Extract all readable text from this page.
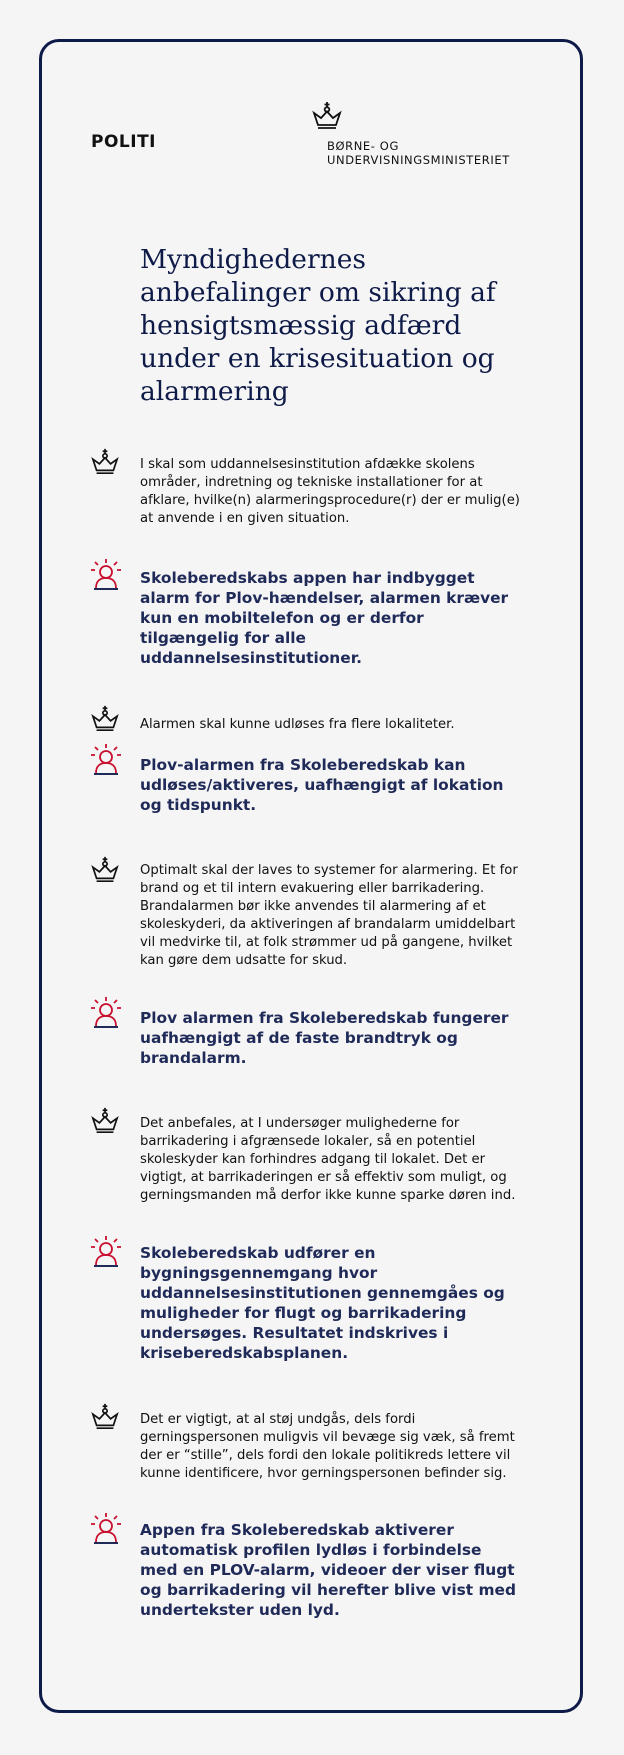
POLITI	BØRNE- OG
UNDERVISNINGSMINISTERIET
Myndighedernes anbefalinger om sikring af hensigtsmæssig adfærd under en krisesituation og alarmering

I skal som uddannelsesinstitution afdække skolens områder, indretning og tekniske installationer for at afklare, hvilke(n) alarmeringsprocedure(r) der er mulig(e) at anvende i en given situation.

Skoleberedskabs appen har indbygget alarm for Plov-hændelser, alarmen kræver kun en mobiltelefon og er derfor tilgængelig for alle uddannelsesinstitutioner.

Alarmen skal kunne udløses fra flere lokaliteter.

Plov-alarmen fra Skoleberedskab kan udløses/aktiveres, uafhængigt af lokation og tidspunkt.

Optimalt skal der laves to systemer for alarmering. Et for brand og et til intern evakuering eller barrikadering. Brandalarmen bør ikke anvendes til alarmering af et skoleskyderi, da aktiveringen af brandalarm umiddelbart vil medvirke til, at folk strømmer ud på gangene, hvilket kan gøre dem udsatte for skud.

Plov alarmen fra Skoleberedskab fungerer uafhængigt af de faste brandtryk og brandalarm.

Det anbefales, at I undersøger mulighederne for barrikadering i afgrænsede lokaler, så en potentiel skoleskyder kan forhindres adgang til lokalet. Det er vigtigt, at barrikaderingen er så effektiv som muligt, og gerningsmanden må derfor ikke kunne sparke døren ind.

Skoleberedskab udfører en bygningsgennemgang hvor uddannelsesinstitutionen gennemgåes og muligheder for flugt og barrikadering undersøges. Resultatet indskrives i kriseberedskabsplanen.

Det er vigtigt, at al støj undgås, dels fordi gerningspersonen muligvis vil bevæge sig væk, så fremt der er “stille”, dels fordi den lokale politikreds lettere vil kunne identificere, hvor gerningspersonen befinder sig.

Appen fra Skoleberedskab aktiverer automatisk profilen lydløs i forbindelse med en PLOV-alarm, videoer der viser flugt og barrikadering vil herefter blive vist med undertekster uden lyd.
